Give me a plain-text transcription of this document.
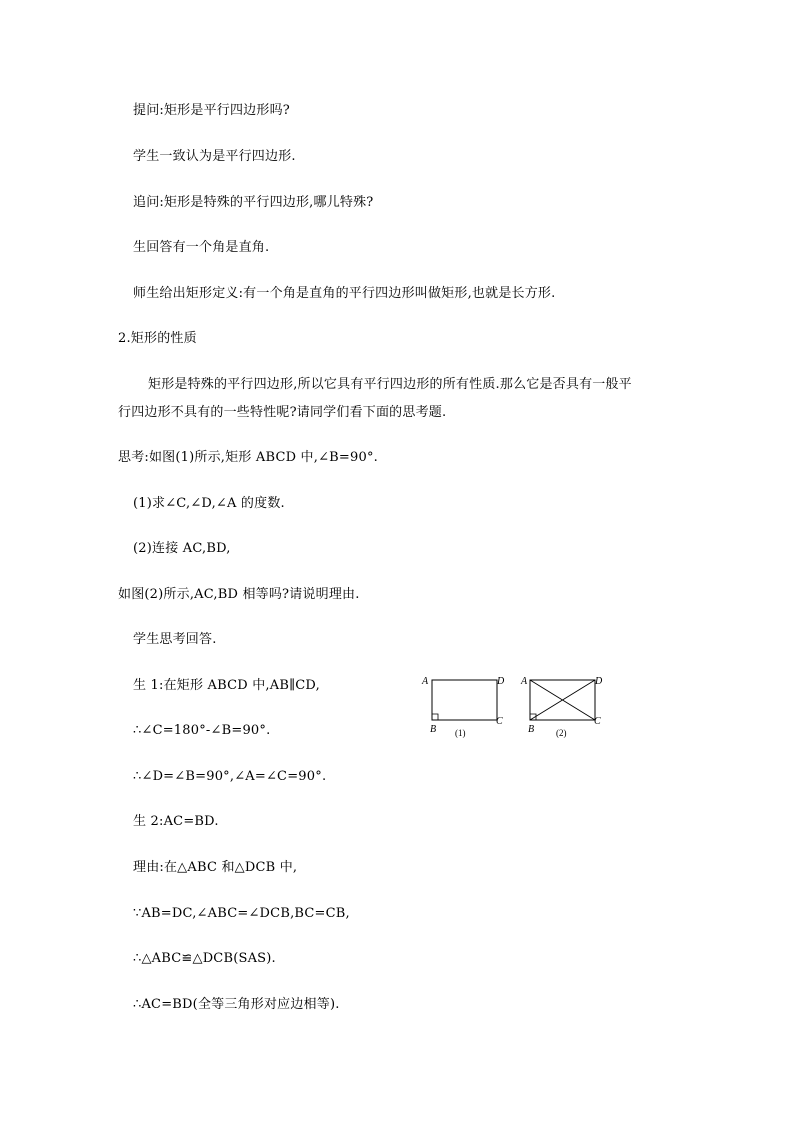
提问:矩形是平行四边形吗?
学生一致认为是平行四边形.
追问:矩形是特殊的平行四边形,哪儿特殊?
生回答有一个角是直角.
师生给出矩形定义:有一个角是直角的平行四边形叫做矩形,也就是长方形.
2.矩形的性质
矩形是特殊的平行四边形,所以它具有平行四边形的所有性质.那么它是否具有一般平
行四边形不具有的一些特性呢?请同学们看下面的思考题.
思考:如图(1)所示,矩形 ABCD 中,∠B=90°.
(1)求∠C,∠D,∠A 的度数.
(2)连接 AC,BD,
如图(2)所示,AC,BD 相等吗?请说明理由.
学生思考回答.
生 1:在矩形 ABCD 中,AB∥CD,
∴∠C=180°-∠B=90°.
∴∠D=∠B=90°,∠A=∠C=90°.
生 2:AC=BD.
理由:在△ABC 和△DCB 中,
∵AB=DC,∠ABC=∠DCB,BC=CB,
∴△ABC≌△DCB(SAS).
∴AC=BD(全等三角形对应边相等).
A	D
C
B (1)
A	D
C
B (2)
